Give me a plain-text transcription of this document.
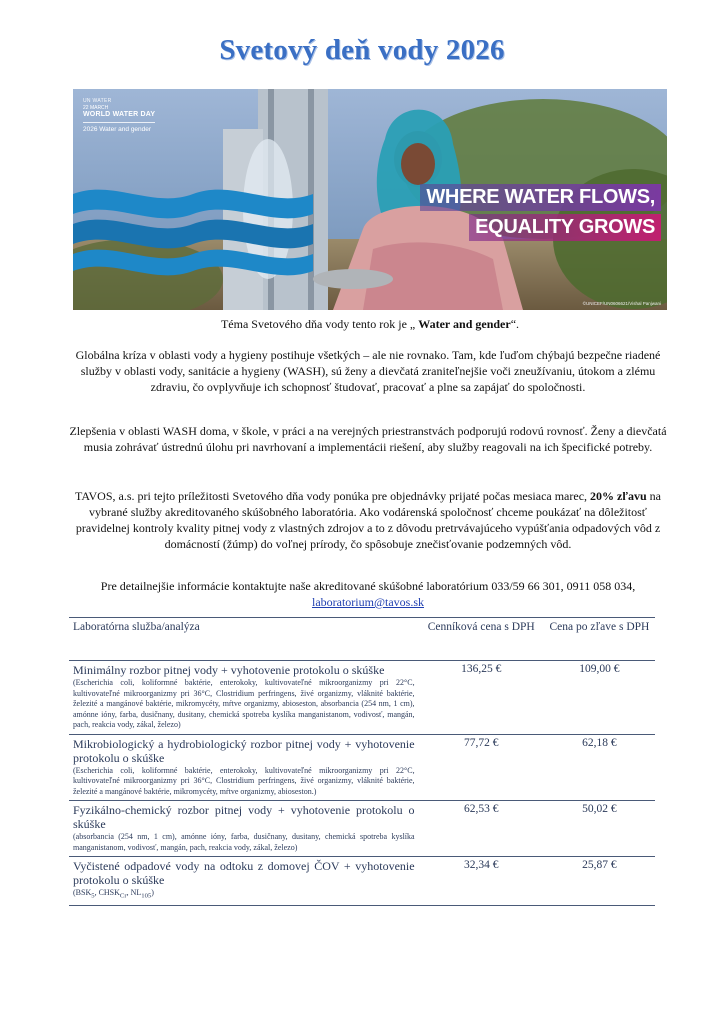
Svetový deň vody 2026
UN WATER
22 MARCH
WORLD WATER DAY
2026 Water and gender
WHERE WATER FLOWS,
EQUALITY GROWS
©UNICEF/UN0606621/Vishal Panjwani
Téma Svetového dňa vody tento rok je „ Water and gender“.
Globálna kríza v oblasti vody a hygieny postihuje všetkých – ale nie rovnako. Tam, kde ľuďom chýbajú bezpečne riadené služby v oblasti vody, sanitácie a hygieny (WASH), sú ženy a dievčatá zraniteľnejšie voči zneužívaniu, útokom a zlému zdraviu, čo ovplyvňuje ich schopnosť študovať, pracovať a plne sa zapájať do spoločnosti.
Zlepšenia v oblasti WASH doma, v škole, v práci a na verejných priestranstvách podporujú rodovú rovnosť. Ženy a dievčatá musia zohrávať ústrednú úlohu pri navrhovaní a implementácii riešení, aby služby reagovali na ich špecifické potreby.
TAVOS, a.s. pri tejto príležitosti Svetového dňa vody ponúka pre objednávky prijaté počas mesiaca marec, 20% zľavu na vybrané služby akreditovaného skúšobného laboratória. Ako vodárenská spoločnosť chceme poukázať na dôležitosť pravidelnej kontroly kvality pitnej vody z vlastných zdrojov a to z dôvodu pretrvávajúceho vypúšťania odpadových vôd z domácností (žúmp) do voľnej prírody, čo spôsobuje znečisťovanie podzemných vôd.
Pre detailnejšie informácie kontaktujte naše akreditované skúšobné laboratórium 033/59 66 301, 0911 058 034,
laboratorium@tavos.sk
Laboratórna služba/analýza	Cenníková cena s DPH	Cena po zľave s DPH

Minimálny rozbor pitnej vody + vyhotovenie protokolu o skúške
(Escherichia coli, koliformné baktérie, enterokoky, kultivovateľné mikroorganizmy pri 22°C, kultivovateľné mikroorganizmy pri 36°C, Clostridium perfringens, živé organizmy, vláknité baktérie, železité a mangánové baktérie, mikromycéty, mŕtve organizmy, abioseston, absorbancia (254 nm, 1 cm), amónne ióny, farba, dusičnany, dusitany, chemická spotreba kyslíka manganistanom, vodivosť, mangán, pach, reakcia vody, zákal, železo)	136,25 €	109,00 €

Mikrobiologický a hydrobiologický rozbor pitnej vody + vyhotovenie protokolu o skúške
(Escherichia coli, koliformné baktérie, enterokoky, kultivovateľné mikroorganizmy pri 22°C, kultivovateľné mikroorganizmy pri 36°C, Clostridium perfringens, živé organizmy, vláknité baktérie, železité a mangánové baktérie, mikromycéty, mŕtve organizmy, abioseston.)	77,72 €	62,18 €

Fyzikálno-chemický rozbor pitnej vody + vyhotovenie protokolu o skúške
(absorbancia (254 nm, 1 cm), amónne ióny, farba, dusičnany, dusitany, chemická spotreba kyslíka manganistanom, vodivosť, mangán, pach, reakcia vody, zákal, železo)	62,53 €	50,02 €

Vyčistené odpadové vody na odtoku z domovej ČOV + vyhotovenie protokolu o skúške
($BSK_5$, $CHSK_{Cr}$, $NL_{105}$)	32,34 €	25,87 €
